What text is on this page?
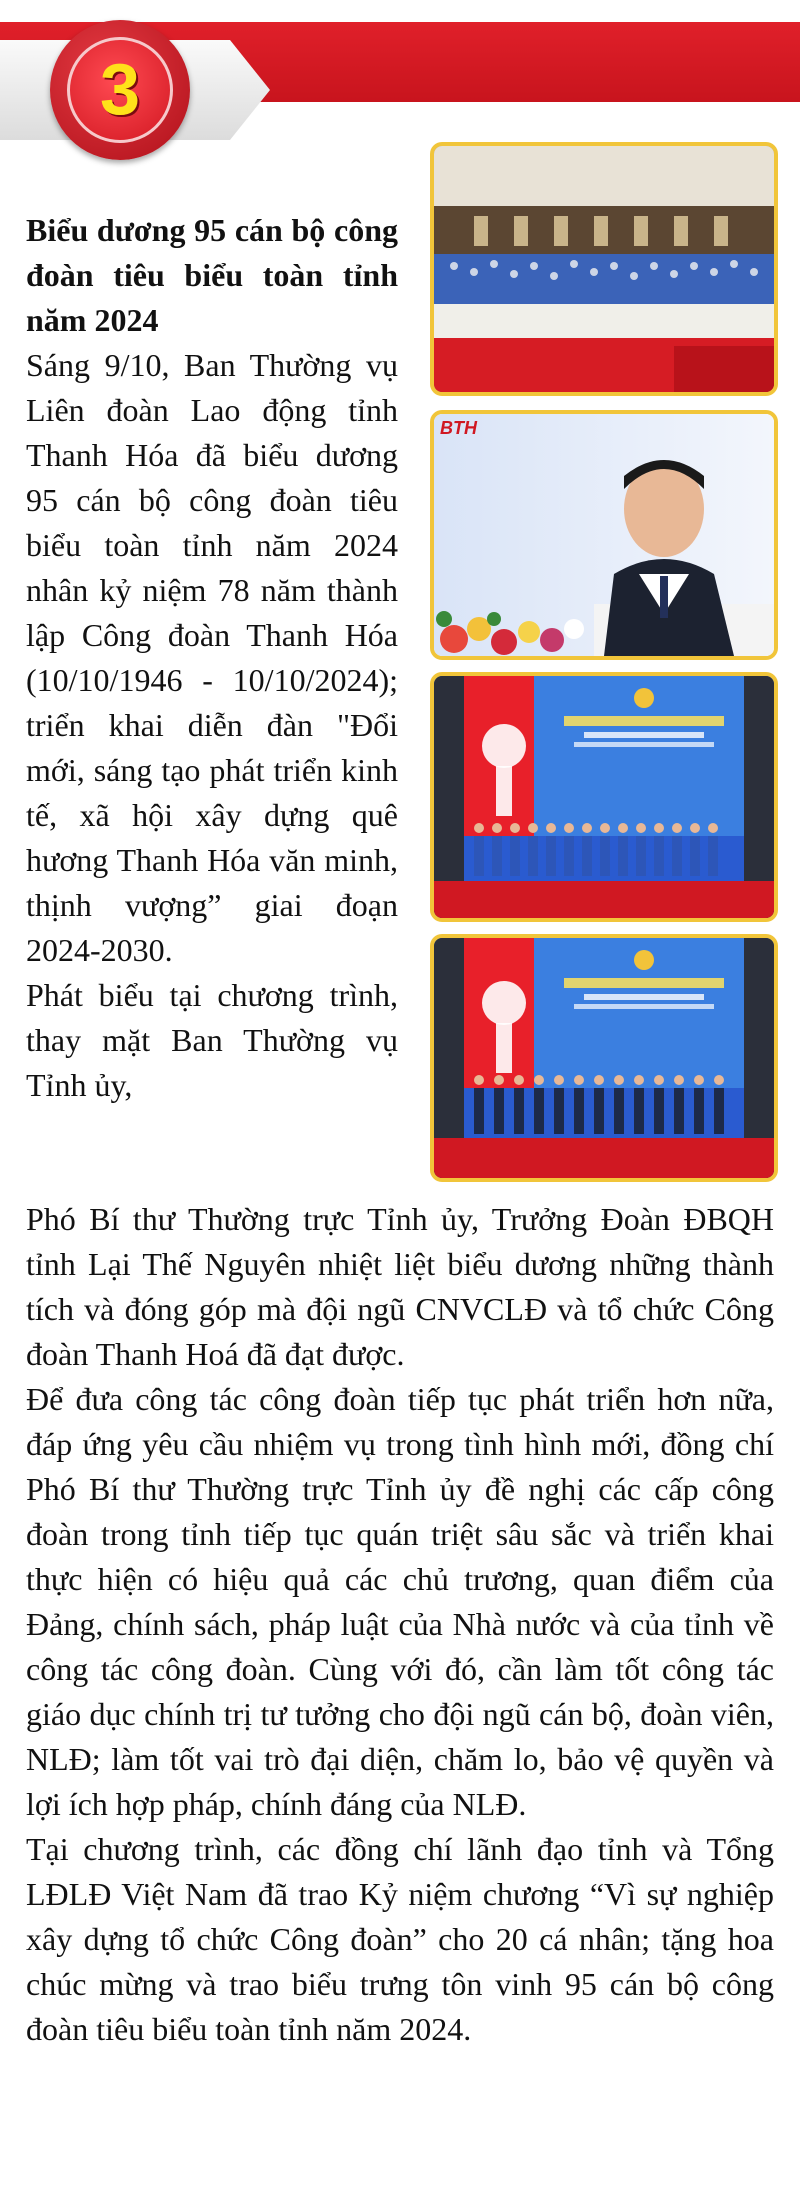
3

Biểu dương 95 cán bộ công đoàn tiêu biểu toàn tỉnh năm 2024

Sáng 9/10, Ban Thường vụ Liên đoàn Lao động tỉnh Thanh Hóa đã biểu dương 95 cán bộ công đoàn tiêu biểu toàn tỉnh năm 2024 nhân kỷ niệm 78 năm thành lập Công đoàn Thanh Hóa (10/10/1946 - 10/10/2024); triển khai diễn đàn "Đổi mới, sáng tạo phát triển kinh tế, xã hội xây dựng quê hương Thanh Hóa văn minh, thịnh vượng” giai đoạn 2024-2030.

Phát biểu tại chương trình, thay mặt Ban Thường vụ Tỉnh ủy,

BTH

Phó Bí thư Thường trực Tỉnh ủy, Trưởng Đoàn ĐBQH tỉnh Lại Thế Nguyên nhiệt liệt biểu dương những thành tích và đóng góp mà đội ngũ CNVCLĐ và tổ chức Công đoàn Thanh Hoá đã đạt được.

Để đưa công tác công đoàn tiếp tục phát triển hơn nữa, đáp ứng yêu cầu nhiệm vụ trong tình hình mới, đồng chí Phó Bí thư Thường trực Tỉnh ủy đề nghị các cấp công đoàn trong tỉnh tiếp tục quán triệt sâu sắc và triển khai thực hiện có hiệu quả các chủ trương, quan điểm của Đảng, chính sách, pháp luật của Nhà nước và của tỉnh về công tác công đoàn. Cùng với đó, cần làm tốt công tác giáo dục chính trị tư tưởng cho đội ngũ cán bộ, đoàn viên, NLĐ; làm tốt vai trò đại diện, chăm lo, bảo vệ quyền và lợi ích hợp pháp, chính đáng của NLĐ.

Tại chương trình, các đồng chí lãnh đạo tỉnh và Tổng LĐLĐ Việt Nam đã trao Kỷ niệm chương “Vì sự nghiệp xây dựng tổ chức Công đoàn” cho 20 cá nhân; tặng hoa chúc mừng và trao biểu trưng tôn vinh 95 cán bộ công đoàn tiêu biểu toàn tỉnh năm 2024.
